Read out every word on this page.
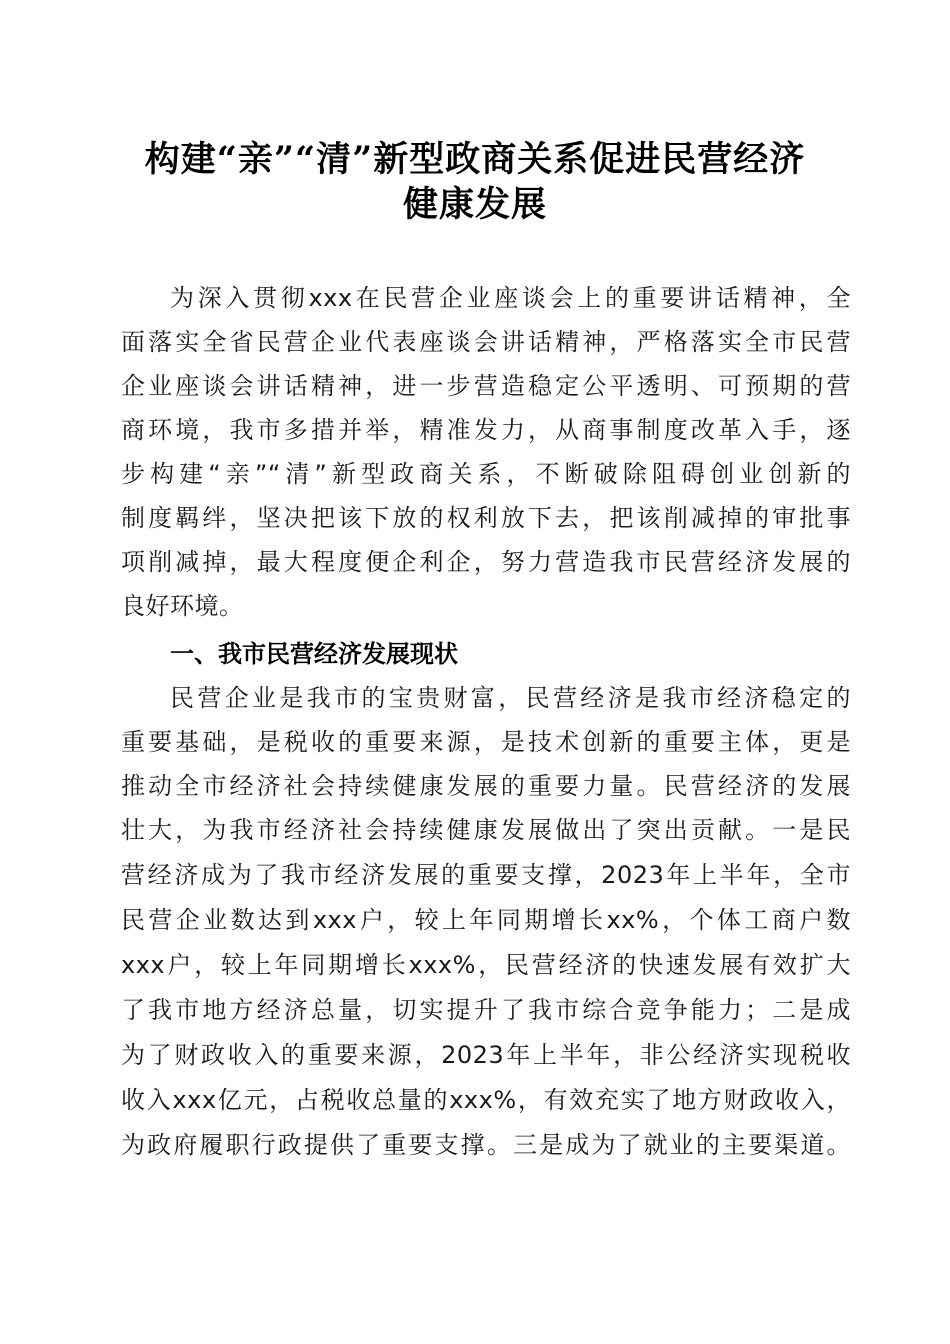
构建“亲”“清”新型政商关系促进民营经济
健康发展
为深入贯彻xxx在民营企业座谈会上的重要讲话精神，全
面落实全省民营企业代表座谈会讲话精神，严格落实全市民营
企业座谈会讲话精神，进一步营造稳定公平透明、可预期的营
商环境，我市多措并举，精准发力，从商事制度改革入手，逐
步构建“亲”“清”新型政商关系，不断破除阻碍创业创新的
制度羁绊，坚决把该下放的权利放下去，把该削减掉的审批事
项削减掉，最大程度便企利企，努力营造我市民营经济发展的
良好环境。
一、我市民营经济发展现状
民营企业是我市的宝贵财富，民营经济是我市经济稳定的
重要基础，是税收的重要来源，是技术创新的重要主体，更是
推动全市经济社会持续健康发展的重要力量。民营经济的发展
壮大，为我市经济社会持续健康发展做出了突出贡献。一是民
营经济成为了我市经济发展的重要支撑，2023年上半年，全市
民营企业数达到xxx户，较上年同期增长xx%，个体工商户数
xxx户，较上年同期增长xxx%，民营经济的快速发展有效扩大
了我市地方经济总量，切实提升了我市综合竞争能力；二是成
为了财政收入的重要来源，2023年上半年，非公经济实现税收
收入xxx亿元，占税收总量的xxx%，有效充实了地方财政收入，
为政府履职行政提供了重要支撑。三是成为了就业的主要渠道。
